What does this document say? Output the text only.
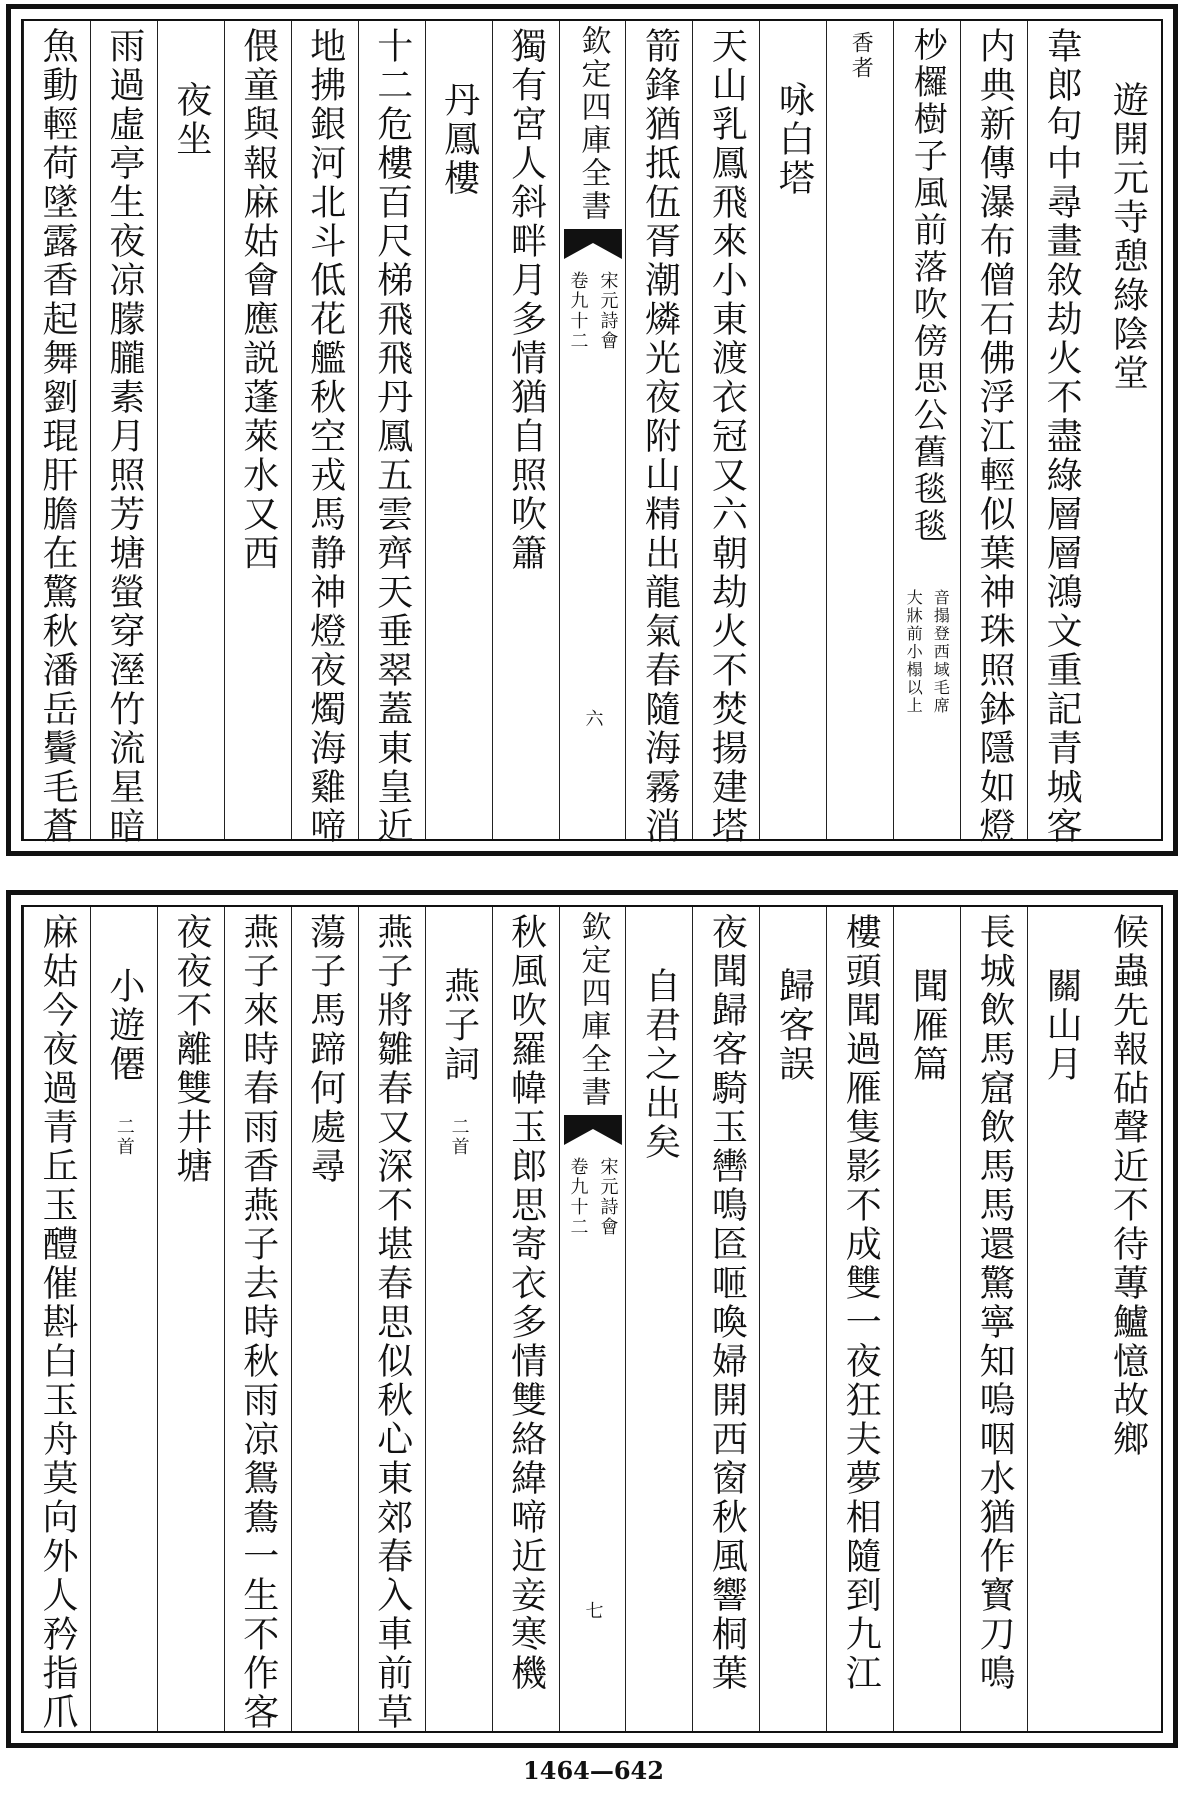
遊開元寺憩綠陰堂
韋郎句中尋畫敘劫火不盡綠層層鴻文重記青城客
内典新傳瀑布僧石佛浮江輕似葉神珠照鉢隱如燈
杪欏樹子風前落吹傍思公舊毯毯
音搨登西域毛席
大牀前小榻以上
香者
咏白塔
天山乳鳳飛來小東渡衣冠又六朝劫火不焚揚建塔
箭鋒猶抵伍胥潮燐光夜附山精出龍氣春隨海霧消
欽定四庫全書
宋元詩會
卷九十二
六
獨有宮人斜畔月多情猶自照吹簫
丹鳳樓
十二危樓百尺梯飛飛丹鳳五雲齊天垂翠蓋東皇近
地拂銀河北斗低花艦秋空戎馬静神燈夜燭海雞啼
偎童與報麻姑會應説蓬萊水又西
夜坐
雨過虛亭生夜凉朦朧素月照芳塘螢穿溼竹流星暗
魚動輕荷墜露香起舞劉琨肝膽在驚秋潘岳鬢毛蒼
候蟲先報砧聲近不待蓴鱸憶故鄉
關山月
長城飲馬窟飲馬馬還驚寧知嗚咽水猶作寳刀鳴
聞雁篇
樓頭聞過雁隻影不成雙一夜狂夫夢相隨到九江
歸客誤
夜聞歸客騎玉轡鳴匼咂喚婦開西窗秋風響桐葉
自君之出矣
欽定四庫全書
宋元詩會
卷九十二
七
秋風吹羅幃玉郎思寄衣多情雙絡緯啼近妾寒機
燕子詞
二首
燕子將雛春又深不堪春思似秋心東郊春入車前草
蕩子馬蹄何處尋
燕子來時春雨香燕子去時秋雨凉鴛鴦一生不作客
夜夜不離雙井塘
小遊僊
二首
麻姑今夜過青丘玉醴催斟白玉舟莫向外人矜指爪
1464—642
